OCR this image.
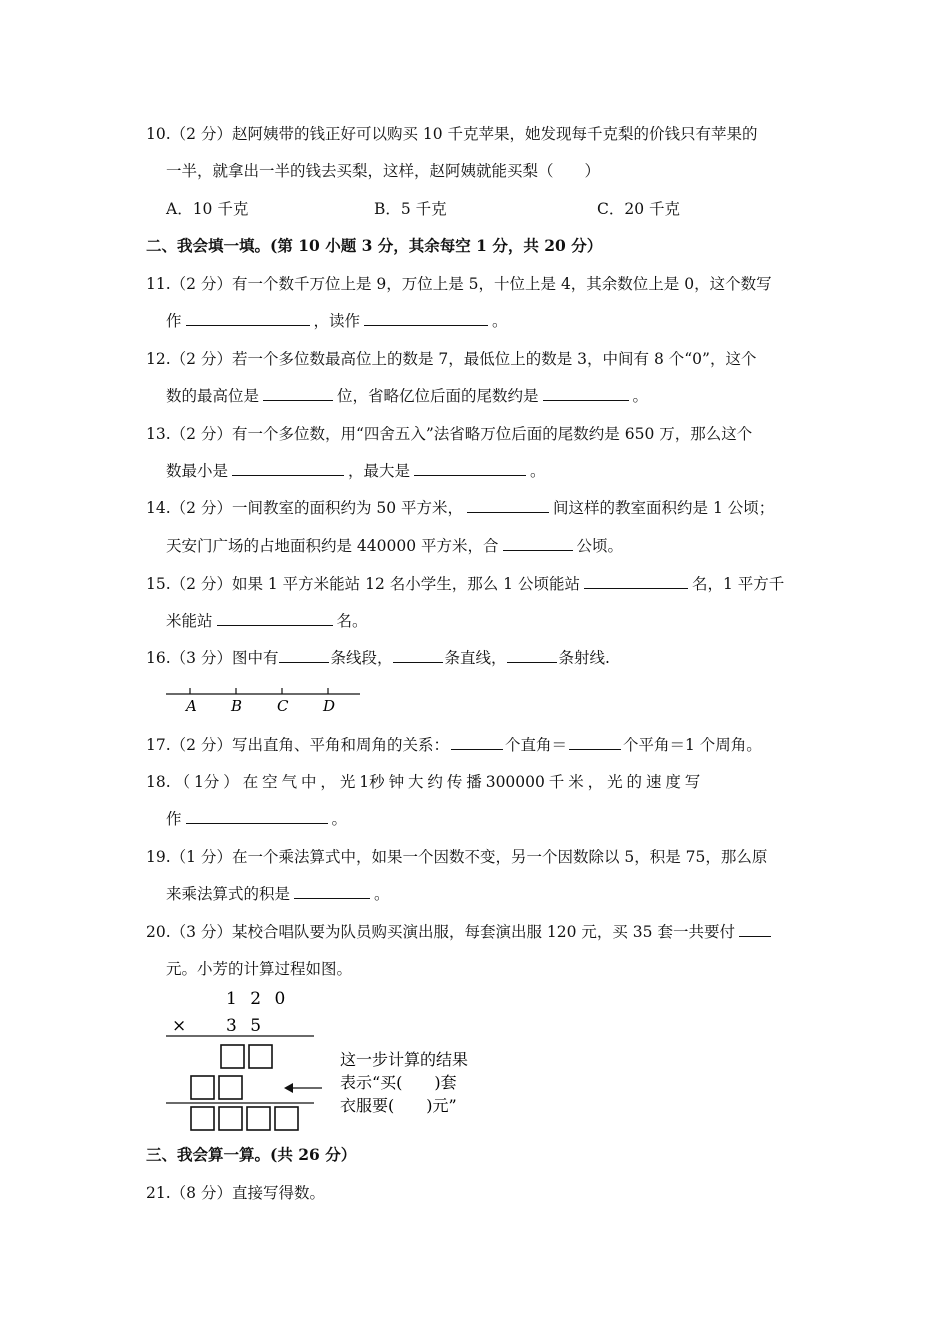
10.（2 分）赵阿姨带的钱正好可以购买 10 千克苹果，她发现每千克梨的价钱只有苹果的
一半，就拿出一半的钱去买梨，这样，赵阿姨就能买梨（　　）
A．10 千克	B．5 千克	C．20 千克
二、我会填一填。(第 10 小题 3 分，其余每空 1 分，共 20 分）
11.（2 分）有一个数千万位上是 9，万位上是 5，十位上是 4，其余数位上是 0，这个数写
作	，读作	。
12.（2 分）若一个多位数最高位上的数是 7，最低位上的数是 3，中间有 8 个“0”，这个
数的最高位是	位，省略亿位后面的尾数约是	。
13.（2 分）有一个多位数，用“四舍五入”法省略万位后面的尾数约是 650 万，那么这个
数最小是	，最大是	。
14.（2 分）一间教室的面积约为 50 平方米，	间这样的教室面积约是 1 公顷；
天安门广场的占地面积约是 440000 平方米，合	公顷。
15.（2 分）如果 1 平方米能站 12 名小学生，那么 1 公顷能站	名，1 平方千
米能站	名。
16.（3 分）图中有	条线段，	条直线，	条射线.
A B C D
17.（2 分）写出直角、平角和周角的关系：	个直角＝	个平角＝1 个周角。
18. （ 1分 ） 在 空 气 中 ， 光 1秒 钟 大 约 传 播 300000 千 米 ， 光 的 速 度 写
作	。
19.（1 分）在一个乘法算式中，如果一个因数不变，另一个因数除以 5，积是 75，那么原
来乘法算式的积是	。
20.（3 分）某校合唱队要为队员购买演出服，每套演出服 120 元，买 35 套一共要付
元。小芳的计算过程如图。
1 2 0
× 3 5
这一步计算的结果
表示“买(　　)套
衣服要(　　)元”
三、我会算一算。(共 26 分）
21.（8 分）直接写得数。
